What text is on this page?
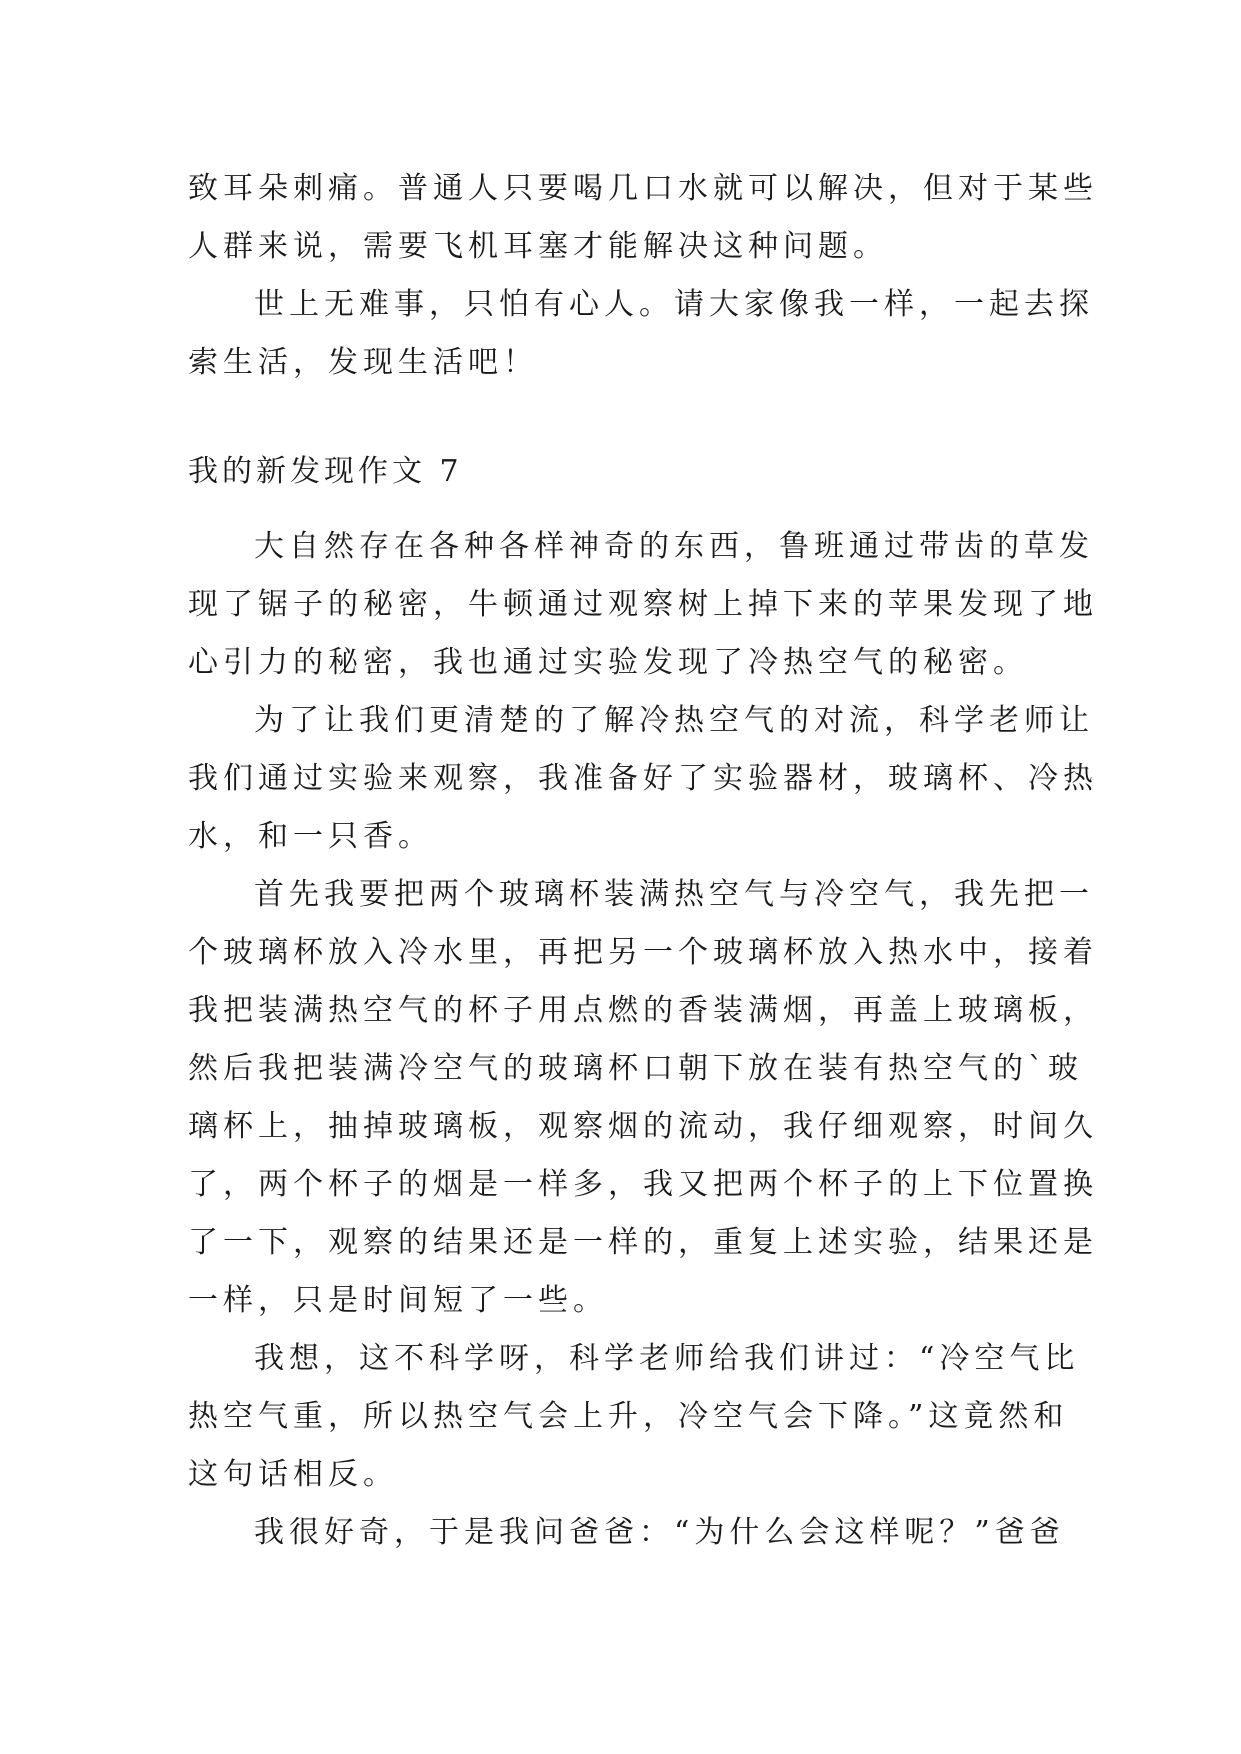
致耳朵刺痛。普通人只要喝几口水就可以解决，但对于某些
人群来说，需要飞机耳塞才能解决这种问题。
世上无难事，只怕有心人。请大家像我一样，一起去探
索生活，发现生活吧！
我的新发现作文 7
大自然存在各种各样神奇的东西，鲁班通过带齿的草发
现了锯子的秘密，牛顿通过观察树上掉下来的苹果发现了地
心引力的秘密，我也通过实验发现了冷热空气的秘密。
为了让我们更清楚的了解冷热空气的对流，科学老师让
我们通过实验来观察，我准备好了实验器材，玻璃杯、冷热
水，和一只香。
首先我要把两个玻璃杯装满热空气与冷空气，我先把一
个玻璃杯放入冷水里，再把另一个玻璃杯放入热水中，接着
我把装满热空气的杯子用点燃的香装满烟，再盖上玻璃板，
然后我把装满冷空气的玻璃杯口朝下放在装有热空气的`玻
璃杯上，抽掉玻璃板，观察烟的流动，我仔细观察，时间久
了，两个杯子的烟是一样多，我又把两个杯子的上下位置换
了一下，观察的结果还是一样的，重复上述实验，结果还是
一样，只是时间短了一些。
我想，这不科学呀，科学老师给我们讲过：“冷空气比
热空气重，所以热空气会上升，冷空气会下降。”这竟然和
这句话相反。
我很好奇，于是我问爸爸：“为什么会这样呢？”爸爸
